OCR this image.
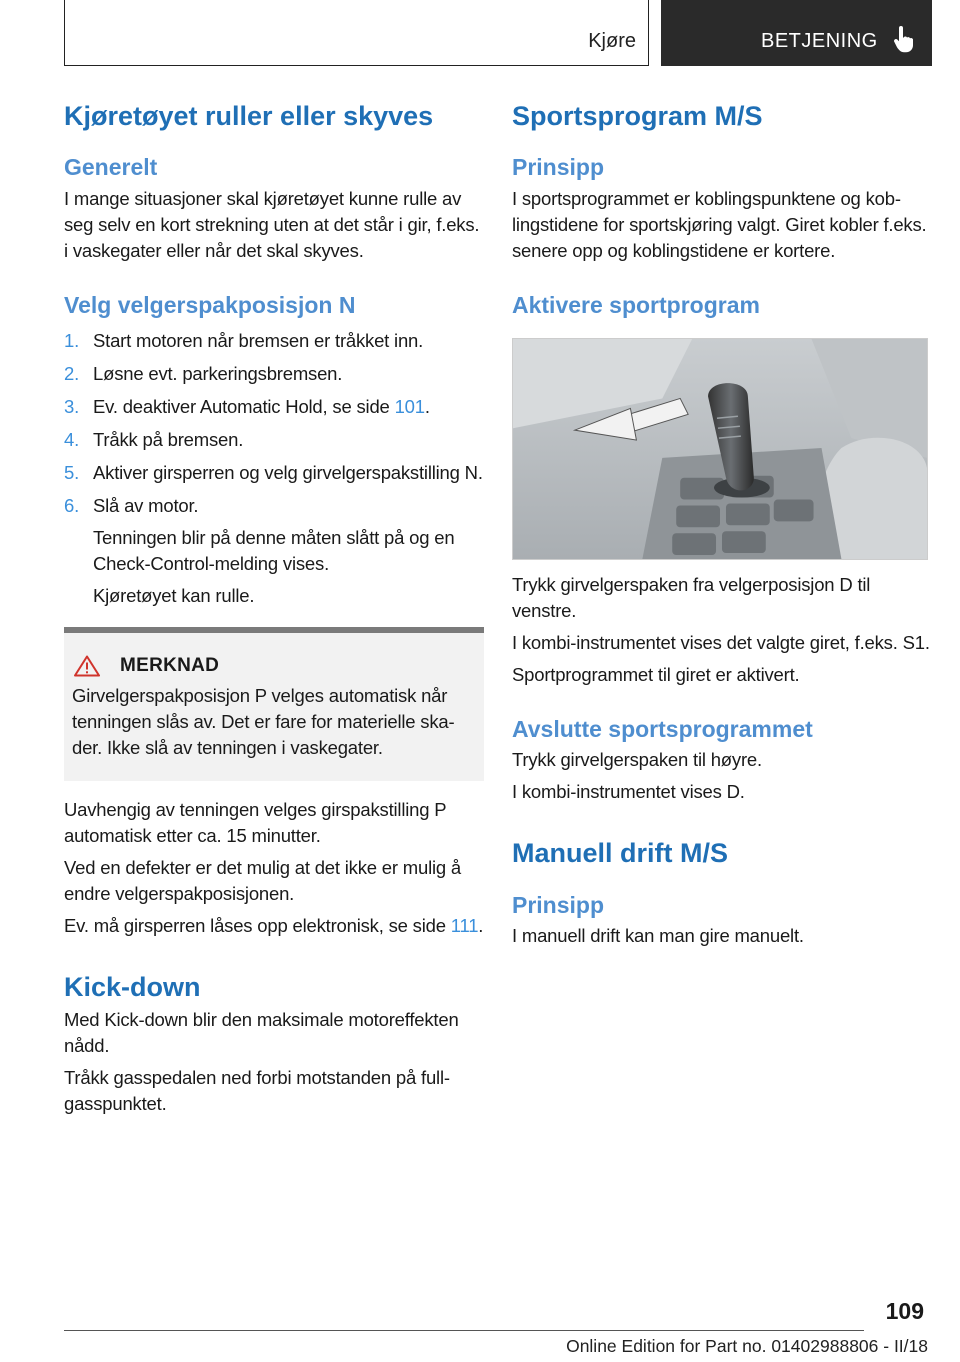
Kjøre	BETJENING
Kjøretøyet ruller eller skyves
Generelt

I mange situasjoner skal kjøretøyet kunne rulle av seg selv en kort strekning uten at det står i gir, f.eks. i vaskegater eller når det skal skyves.

Velg velgerspakposisjon N
1. Start motoren når bremsen er tråkket inn.
2. Løsne evt. parkeringsbremsen.
3. Ev. deaktiver Automatic Hold, se side 101.
4. Tråkk på bremsen.
5. Aktiver girsperren og velg girvelgerspakstilling N.
6. Slå av motor.
Tenningen blir på denne måten slått på og en Check-Control-melding vises.
Kjøretøyet kan rulle.
MERKNAD

Girvelgerspakposisjon P velges automatisk når tenningen slås av. Det er fare for materielle skader. Ikke slå av tenningen i vaskegater.

Uavhengig av tenningen velges girspakstilling P automatisk etter ca. 15 minutter.

Ved en defekter er det mulig at det ikke er mulig å endre velgerspakposisjonen.

Ev. må girsperren låses opp elektronisk, se side 111.

Kick-down

Med Kick-down blir den maksimale motoreffekten nådd.

Tråkk gasspedalen ned forbi motstanden på fullgasspunktet.

Sportsprogram M/S
Prinsipp

I sportsprogrammet er koblingspunktene og koblingstidene for sportskjøring valgt. Giret kobler f.eks. senere opp og koblingstidene er kortere.

Aktivere sportprogram

Trykk girvelgerspaken fra velgerposisjon D til venstre.

I kombi-instrumentet vises det valgte giret, f.eks. S1.

Sportprogrammet til giret er aktivert.

Avslutte sportsprogrammet

Trykk girvelgerspaken til høyre.

I kombi-instrumentet vises D.

Manuell drift M/S
Prinsipp

I manuell drift kan man gire manuelt.

109
Online Edition for Part no. 01402988806 - II/18
